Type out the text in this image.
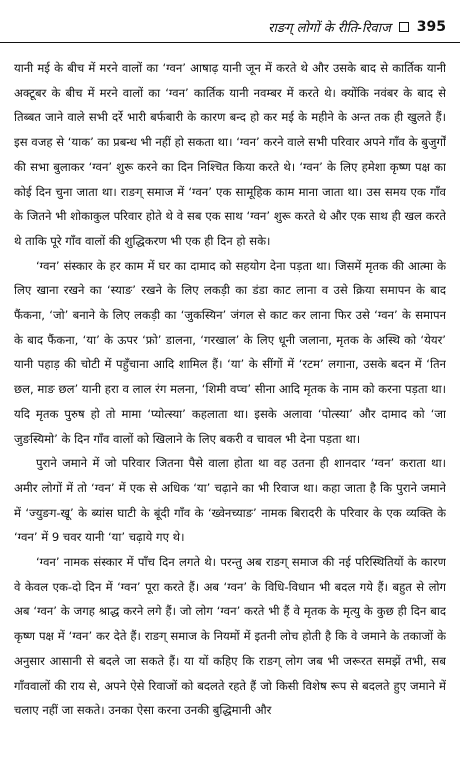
राङग् लोगों के रीति-रिवाज 395

यानी मई के बीच में मरने वालों का ‘ग्वन’ आषाढ़ यानी जून में करते थे और उसके बाद से कार्तिक यानी अक्टूबर के बीच में मरने वालों का ‘ग्वन’ कार्तिक यानी नवम्बर में करते थे। क्योंकि नवंबर के बाद से तिब्बत जाने वाले सभी दर्रे भारी बर्फबारी के कारण बन्द हो कर मई के महीने के अन्त तक ही खुलते हैं। इस वजह से ‘याक’ का प्रबन्ध भी नहीं हो सकता था। ‘ग्वन’ करने वाले सभी परिवार अपने गाँव के बुजुर्गों की सभा बुलाकर ‘ग्वन’ शुरू करने का दिन निश्चित किया करते थे। ‘ग्वन’ के लिए हमेशा कृष्ण पक्ष का कोई दिन चुना जाता था। राङग् समाज में ‘ग्वन’ एक सामूहिक काम माना जाता था। उस समय एक गाँव के जितने भी शोकाकुल परिवार होते थे वे सब एक साथ ‘ग्वन’ शुरू करते थे और एक साथ ही खल करते थे ताकि पूरे गाँव वालों की शुद्धिकरण भी एक ही दिन हो सके।

‘ग्वन’ संस्कार के हर काम में घर का दामाद को सहयोग देना पड़ता था। जिसमें मृतक की आत्मा के लिए खाना रखने का ‘स्याङ’ रखने के लिए लकड़ी का डंडा काट लाना व उसे क्रिया समापन के बाद फैंकना, ‘जो’ बनाने के लिए लकड़ी का ‘जुकस्यिन’ जंगल से काट कर लाना फिर उसे ‘ग्वन’ के समापन के बाद फैंकना, ‘या’ के ऊपर ‘फ्रो’ डालना, ‘गरखाल’ के लिए धूनी जलाना, मृतक के अस्थि को ‘येयर’ यानी पहाड़ की चोटी में पहुँचाना आदि शामिल हैं। ‘या’ के सींगों में ‘रटम’ लगाना, उसके बदन में ‘तिन छल, माङ छल’ यानी हरा व लाल रंग मलना, ‘शिमी वप्च’ सीना आदि मृतक के नाम को करना पड़ता था। यदि मृतक पुरुष हो तो मामा ‘प्योत्स्या’ कहलाता था। इसके अलावा ‘पोत्स्या’ और दामाद को ‘जा जुङस्यिमो’ के दिन गाँव वालों को खिलाने के लिए बकरी व चावल भी देना पड़ता था।

पुराने जमाने में जो परिवार जितना पैसे वाला होता था वह उतना ही शानदार ‘ग्वन’ कराता था। अमीर लोगों में तो ‘ग्वन’ में एक से अधिक ‘या’ चढ़ाने का भी रिवाज था। कहा जाता है कि पुराने जमाने में ‘ज्युङग-खू’ के ब्यांस घाटी के बूंदी गाँव के ‘ख्वेनच्याङ’ नामक बिरादरी के परिवार के एक व्यक्ति के ‘ग्वन’ में 9 चवर यानी ‘या’ चढ़ाये गए थे।

‘ग्वन’ नामक संस्कार में पाँच दिन लगते थे। परन्तु अब राङग् समाज की नई परिस्थितियों के कारण वे केवल एक-दो दिन में ‘ग्वन’ पूरा करते हैं। अब ‘ग्वन’ के विधि-विधान भी बदल गये हैं। बहुत से लोग अब ‘ग्वन’ के जगह श्राद्ध करने लगे हैं। जो लोग ‘ग्वन’ करते भी हैं वे मृतक के मृत्यु के कुछ ही दिन बाद कृष्ण पक्ष में ‘ग्वन’ कर देते हैं। राङग् समाज के नियमों में इतनी लोच होती है कि वे जमाने के तकाजों के अनुसार आसानी से बदले जा सकते हैं। या यों कहिए कि राङग् लोग जब भी जरूरत समझें तभी, सब गाँववालों की राय से, अपने ऐसे रिवाजों को बदलते रहते हैं जो किसी विशेष रूप से बदलते हुए जमाने में चलाए नहीं जा सकते। उनका ऐसा करना उनकी बुद्धिमानी और
